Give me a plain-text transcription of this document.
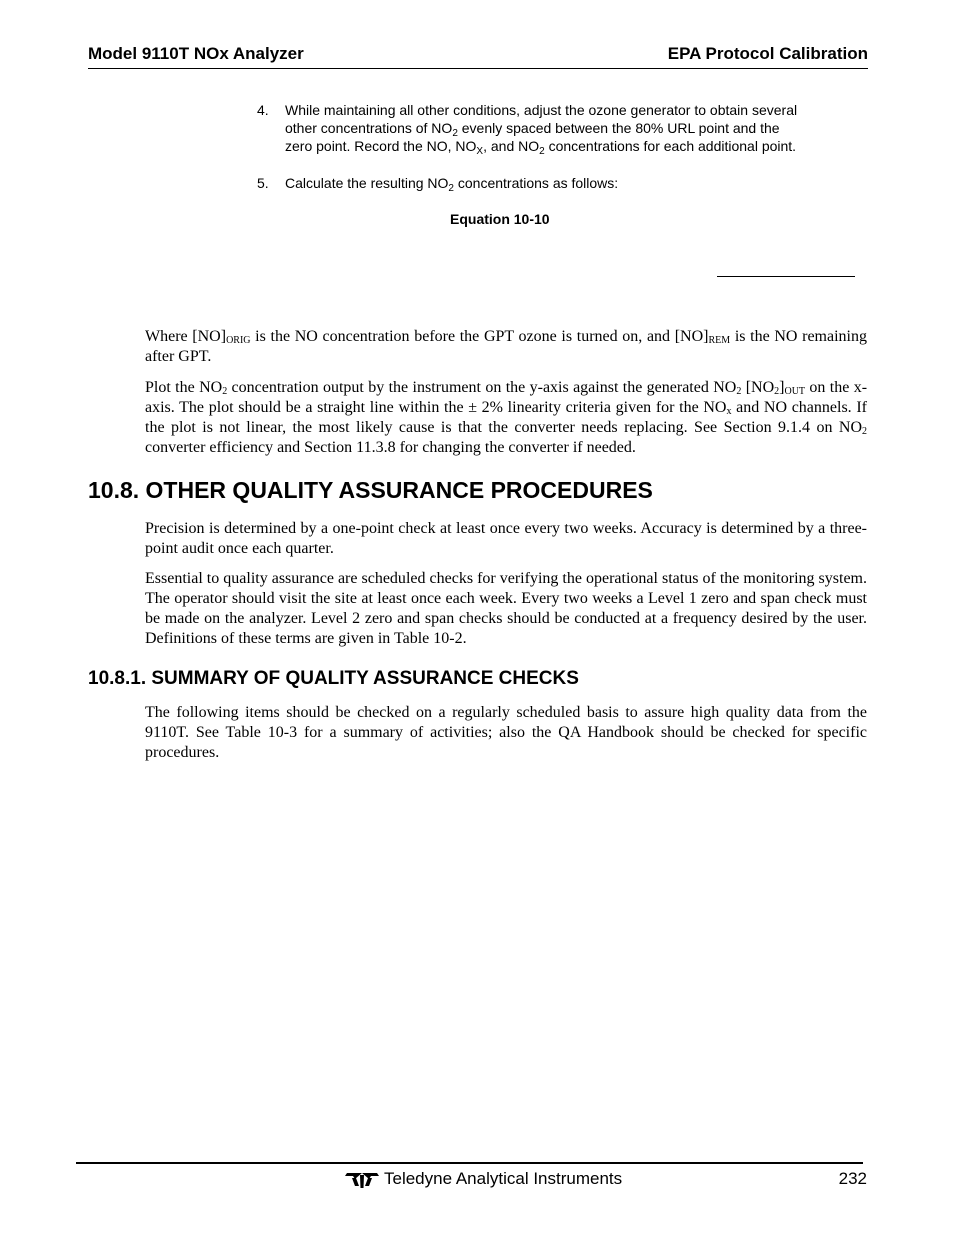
Model 9110T NOx Analyzer	EPA Protocol Calibration
4. While maintaining all other conditions, adjust the ozone generator to obtain several
other concentrations of $NO_2$ evenly spaced between the 80% URL point and the
zero point. Record the NO, $NO_X$, and $NO_2$ concentrations for each additional point.
5. Calculate the resulting $NO_2$ concentrations as follows:
Equation 10-10
Where $[NO]_{ORIG}$ is the NO concentration before the GPT ozone is turned on, and $[NO]_{REM}$ is the NO remaining after GPT.
Plot the $NO_2$ concentration output by the instrument on the y-axis against the generated $NO_2$ $[NO_2]_{OUT}$ on the x-axis. The plot should be a straight line within the ± 2% linearity criteria given for the $NO_x$ and NO channels. If the plot is not linear, the most likely cause is that the converter needs replacing. See Section 9.1.4 on $NO_2$ converter efficiency and Section 11.3.8 for changing the converter if needed.
10.8. OTHER QUALITY ASSURANCE PROCEDURES
Precision is determined by a one-point check at least once every two weeks. Accuracy is determined by a three-point audit once each quarter.
Essential to quality assurance are scheduled checks for verifying the operational status of the monitoring system. The operator should visit the site at least once each week. Every two weeks a Level 1 zero and span check must be made on the analyzer. Level 2 zero and span checks should be conducted at a frequency desired by the user. Definitions of these terms are given in Table 10-2.
10.8.1. SUMMARY OF QUALITY ASSURANCE CHECKS
The following items should be checked on a regularly scheduled basis to assure high quality data from the 9110T. See Table 10-3 for a summary of activities; also the QA Handbook should be checked for specific procedures.
Teledyne Analytical Instruments	232
